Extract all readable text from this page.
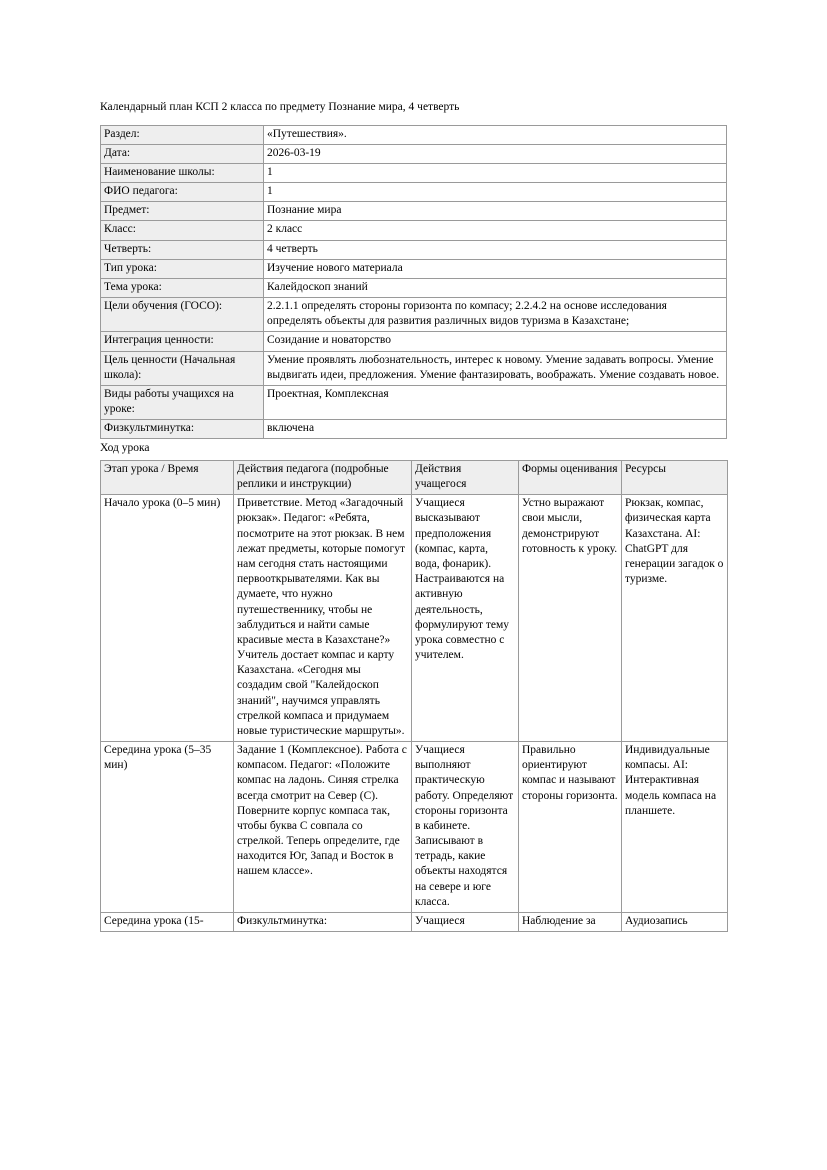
Календарный план КСП 2 класса по предмету Познание мира, 4 четверть
Раздел:	«Путешествия».
Дата:	2026-03-19
Наименование школы:	1
ФИО педагога:	1
Предмет:	Познание мира
Класс:	2 класс
Четверть:	4 четверть
Тип урока:	Изучение нового материала
Тема урока:	Калейдоскоп знаний
Цели обучения (ГОСО):	2.2.1.1 определять стороны горизонта по компасу; 2.2.4.2 на основе исследования определять объекты для развития различных видов туризма в Казахстане;
Интеграция ценности:	Созидание и новаторство
Цель ценности (Начальная школа):	Умение проявлять любознательность, интерес к новому. Умение задавать вопросы. Умение выдвигать идеи, предложения. Умение фантазировать, воображать. Умение создавать новое.
Виды работы учащихся на уроке:	Проектная, Комплексная
Физкультминутка:	включена
Ход урока
Этап урока / Время	Действия педагога (подробные реплики и инструкции)	Действия учащегося	Формы оценивания	Ресурсы
Начало урока (0–5 мин)	Приветствие. Метод «Загадочный рюкзак». Педагог: «Ребята, посмотрите на этот рюкзак. В нем лежат предметы, которые помогут нам сегодня стать настоящими первооткрывателями. Как вы думаете, что нужно путешественнику, чтобы не заблудиться и найти самые красивые места в Казахстане?» Учитель достает компас и карту Казахстана. «Сегодня мы создадим свой "Калейдоскоп знаний", научимся управлять стрелкой компаса и придумаем новые туристические маршруты».	Учащиеся высказывают предположения (компас, карта, вода, фонарик). Настраиваются на активную деятельность, формулируют тему урока совместно с учителем.	Устно выражают свои мысли, демонстрируют готовность к уроку.	Рюкзак, компас, физическая карта Казахстана. AI: ChatGPT для генерации загадок о туризме.
Середина урока (5–35 мин)	Задание 1 (Комплексное). Работа с компасом. Педагог: «Положите компас на ладонь. Синяя стрелка всегда смотрит на Север (С). Поверните корпус компаса так, чтобы буква С совпала со стрелкой. Теперь определите, где находится Юг, Запад и Восток в нашем классе».	Учащиеся выполняют практическую работу. Определяют стороны горизонта в кабинете. Записывают в тетрадь, какие объекты находятся на севере и юге класса.	Правильно ориентируют компас и называют стороны горизонта.	Индивидуальные компасы. AI: Интерактивная модель компаса на планшете.
Середина урока (15-	Физкультминутка:	Учащиеся	Наблюдение за	Аудиозапись
